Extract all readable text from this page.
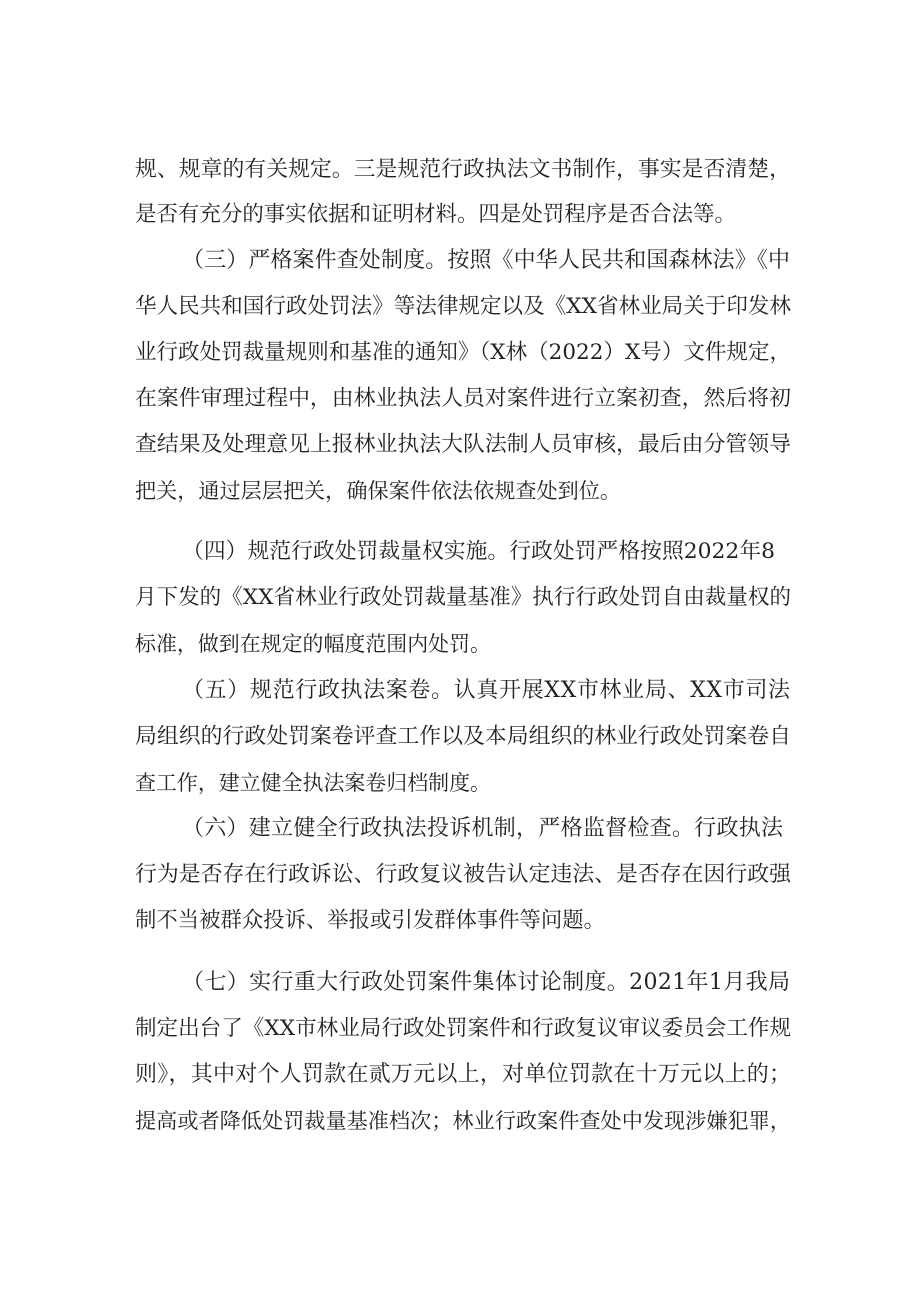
规、规章的有关规定。三是规范行政执法文书制作，事实是否清楚，

是否有充分的事实依据和证明材料。四是处罚程序是否合法等。

（三）严格案件查处制度。按照《中华人民共和国森林法》《中

华人民共和国行政处罚法》等法律规定以及《XX省林业局关于印发林

业行政处罚裁量规则和基准的通知》（X林（2022）X号）文件规定，

在案件审理过程中，由林业执法人员对案件进行立案初查，然后将初

查结果及处理意见上报林业执法大队法制人员审核，最后由分管领导

把关，通过层层把关，确保案件依法依规查处到位。

（四）规范行政处罚裁量权实施。行政处罚严格按照2022年8

月下发的《XX省林业行政处罚裁量基准》执行行政处罚自由裁量权的

标准，做到在规定的幅度范围内处罚。

（五）规范行政执法案卷。认真开展XX市林业局、XX市司法

局组织的行政处罚案卷评查工作以及本局组织的林业行政处罚案卷自

查工作，建立健全执法案卷归档制度。

（六）建立健全行政执法投诉机制，严格监督检查。行政执法

行为是否存在行政诉讼、行政复议被告认定违法、是否存在因行政强

制不当被群众投诉、举报或引发群体事件等问题。

（七）实行重大行政处罚案件集体讨论制度。2021年1月我局

制定出台了《XX市林业局行政处罚案件和行政复议审议委员会工作规

则》，其中对个人罚款在贰万元以上，对单位罚款在十万元以上的；

提高或者降低处罚裁量基准档次；林业行政案件查处中发现涉嫌犯罪，
